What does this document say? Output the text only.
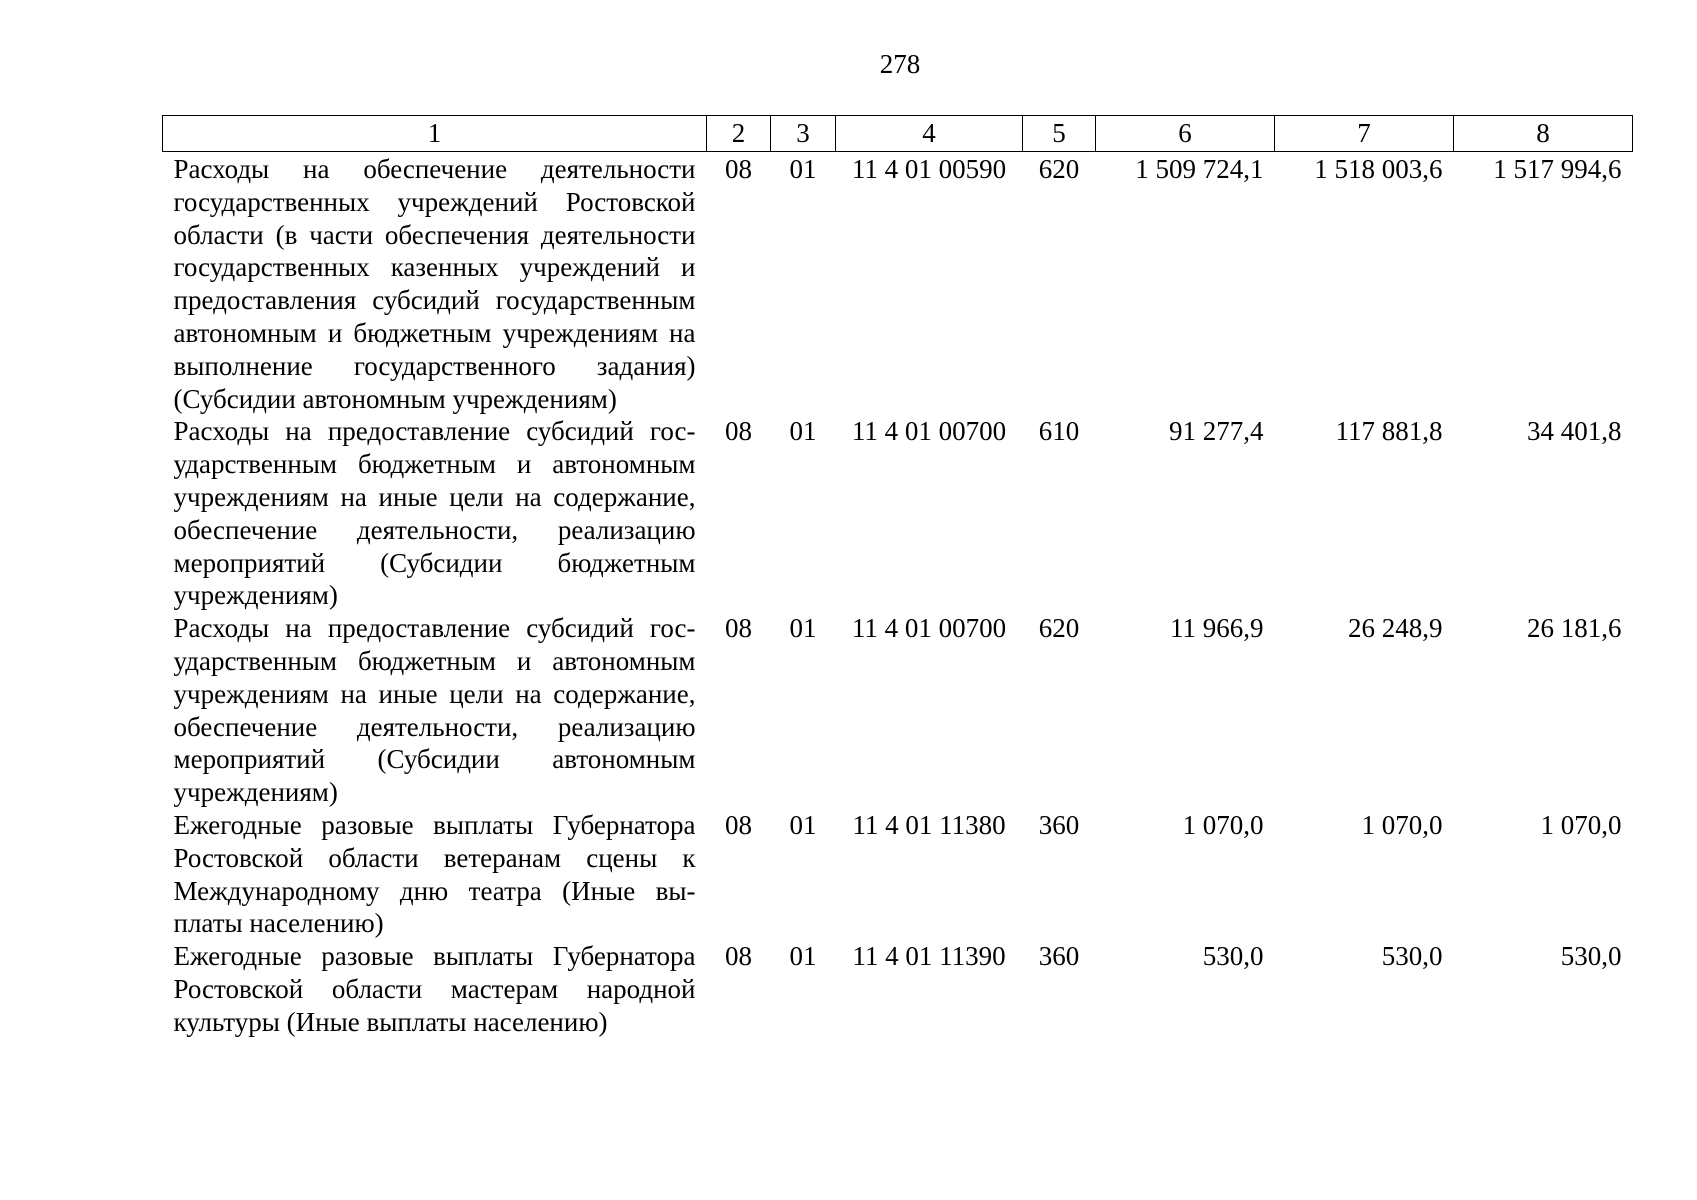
278
1	2	3	4	5	6	7	8
Расходы на обеспечение деятельности государственных учреждений Ростовской области (в части обеспечения деятельности государственных казенных учреждений и предоставления субсидий государственным автономным и бюджетным учреждениям на выполнение государственного задания) (Субсидии автономным учреждениям)	08	01	11 4 01 00590	620	1 509 724,1	1 518 003,6	1 517 994,6
Расходы на предоставление субсидий государственным бюджетным и автономным учреждениям на иные цели на содержание, обеспечение деятельности, реализацию мероприятий (Субсидии бюджетным учреждениям)	08	01	11 4 01 00700	610	91 277,4	117 881,8	34 401,8
Расходы на предоставление субсидий государственным бюджетным и автономным учреждениям на иные цели на содержание, обеспечение деятельности, реализацию мероприятий (Субсидии автономным учреждениям)	08	01	11 4 01 00700	620	11 966,9	26 248,9	26 181,6
Ежегодные разовые выплаты Губернатора Ростовской области ветеранам сцены к Международному дню театра (Иные выплаты населению)	08	01	11 4 01 11380	360	1 070,0	1 070,0	1 070,0
Ежегодные разовые выплаты Губернатора Ростовской области мастерам народной культуры (Иные выплаты населению)	08	01	11 4 01 11390	360	530,0	530,0	530,0
